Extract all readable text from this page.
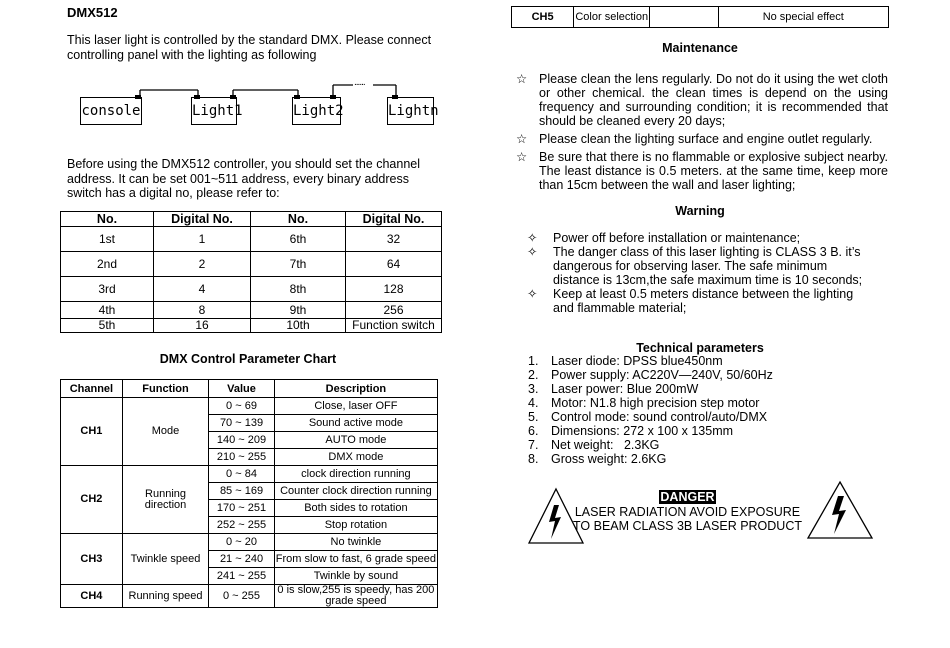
DMX512
This laser light is controlled by the standard DMX. Please connect controlling panel with the lighting as following
......
console	Light1	Light2	Lightn
Before using the DMX512 controller, you should set the channel address. It can be set 001~511 address, every binary address switch has a digital no, please refer to:
No.	Digital No.	No.	Digital No.
1st	1	6th	32
2nd	2	7th	64
3rd	4	8th	128
4th	8	9th	256
5th	16	10th	Function switch
DMX Control Parameter Chart
Channel	Function	Value	Description
CH1	Mode	0 ~ 69	Close, laser OFF
		70 ~ 139	Sound active mode
		140 ~ 209	AUTO mode
		210 ~ 255	DMX mode
CH2	Running direction	0 ~ 84	clock direction running
		85 ~ 169	Counter clock direction running
		170 ~ 251	Both sides to rotation
		252 ~ 255	Stop rotation
CH3	Twinkle speed	0 ~ 20	No twinkle
		21 ~ 240	From slow to fast, 6 grade speed
		241 ~ 255	Twinkle by sound
CH4	Running speed	0 ~ 255	0 is slow,255 is speedy, has 200 grade speed
CH5	Color selection		No special effect
Maintenance
☆ Please clean the lens regularly. Do not do it using the wet cloth or other chemical. the clean times is depend on the using frequency and surrounding condition; it is recommended that should be cleaned every 20 days;
☆ Please clean the lighting surface and engine outlet regularly.
☆ Be sure that there is no flammable or explosive subject nearby. The least distance is 0.5 meters. at the same time, keep more than 15cm between the wall and laser lighting;
Warning
✧ Power off before installation or maintenance;
✧ The danger class of this laser lighting is CLASS 3 B. it’s dangerous for observing laser. The safe minimum distance is 13cm,the safe maximum time is 10 seconds;
✧ Keep at least 0.5 meters distance between the lighting and flammable material;
Technical parameters
1. Laser diode: DPSS blue450nm
2. Power supply: AC220V—240V, 50/60Hz
3. Laser power: Blue 200mW
4. Motor: N1.8 high precision step motor
5. Control mode: sound control/auto/DMX
6. Dimensions: 272 x 100 x 135mm
7. Net weight:   2.3KG
8. Gross weight: 2.6KG
DANGER
LASER RADIATION AVOID EXPOSURE
TO BEAM CLASS 3B LASER PRODUCT
